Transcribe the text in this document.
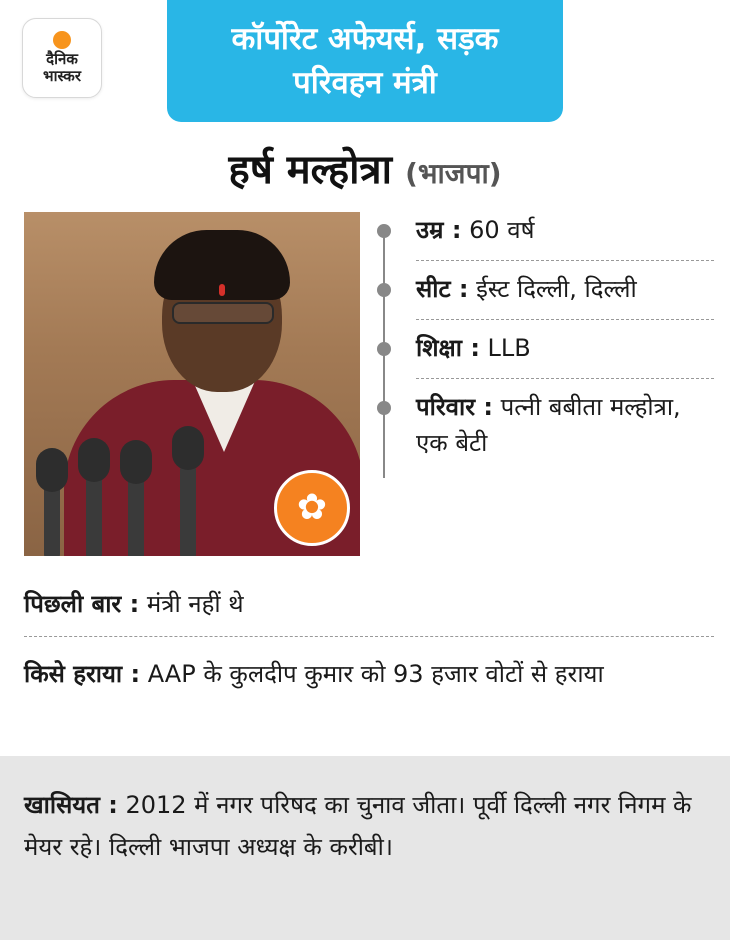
दैनिक
भास्कर
कॉर्पोरेट अफेयर्स, सड़क परिवहन मंत्री
हर्ष मल्होत्रा (भाजपा)
✿
उम्र : 60 वर्ष
सीट : ईस्ट दिल्ली, दिल्ली
शिक्षा : LLB
परिवार : पत्नी बबीता मल्होत्रा, एक बेटी
पिछली बार : मंत्री नहीं थे
किसे हराया : AAP के कुलदीप कुमार को 93 हजार वोटों से हराया
खासियत : 2012 में नगर परिषद का चुनाव जीता। पूर्वी दिल्ली नगर निगम के मेयर रहे। दिल्ली भाजपा अध्यक्ष के करीबी।
